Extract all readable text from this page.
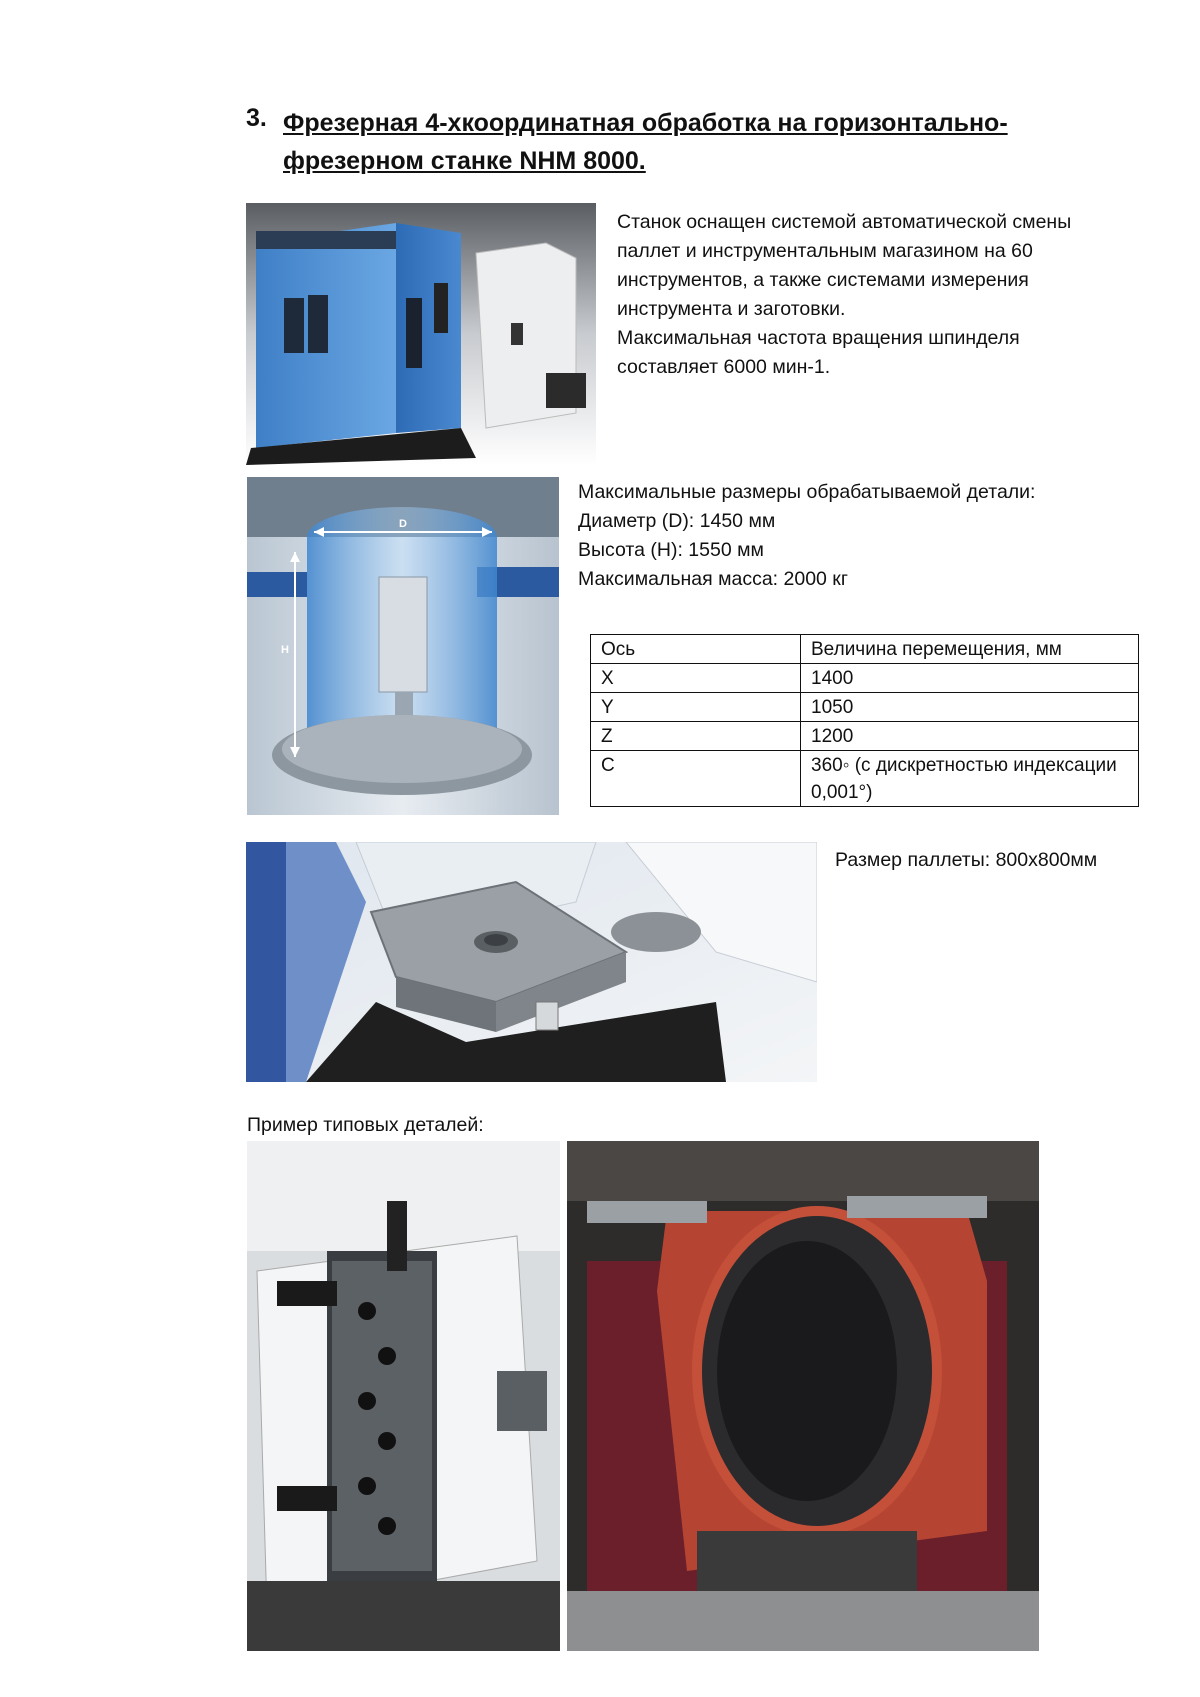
3. Фрезерная 4-хкоординатная обработка на горизонтально-фрезерном станке NHM 8000.

Станок оснащен системой автоматической смены

паллет и инструментальным магазином на 60

инструментов, а также системами измерения

инструмента и заготовки.

Максимальная частота вращения шпинделя

составляет 6000 мин-1.

D
H

Максимальные размеры обрабатываемой детали:

Диаметр (D): 1450 мм

Высота (H): 1550 мм

Максимальная масса: 2000 кг

Ось	Величина перемещения, мм
X	1400
Y	1050
Z	1200
C	360◦ (с дискретностью индексации 0,001°)
Размер паллеты: 800х800мм
Пример типовых деталей:
